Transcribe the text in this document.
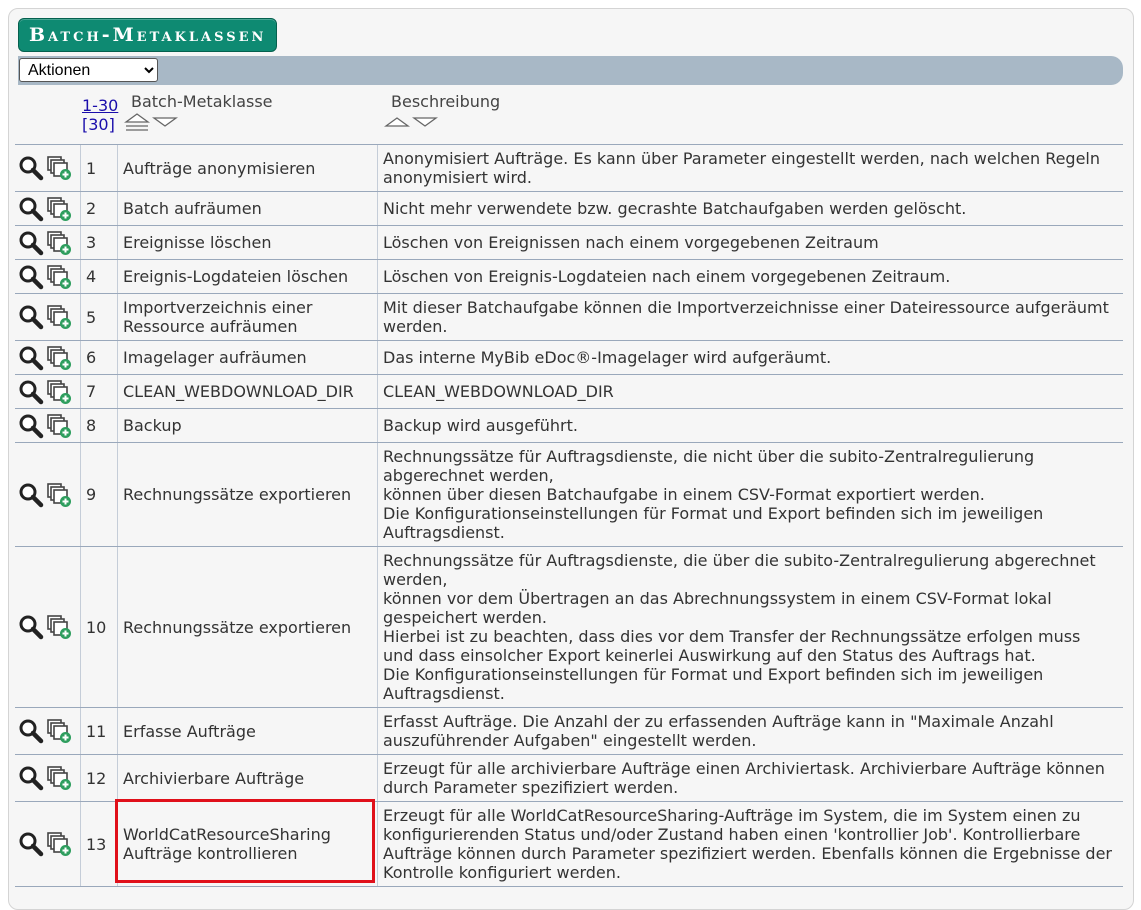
Batch-Metaklassen
Aktionen
1-30
[30]
Batch-Metaklasse	Beschreibung
	1	Aufträge anonymisieren	Anonymisiert Aufträge. Es kann über Parameter eingestellt werden, nach welchen Regeln anonymisiert wird.
	2	Batch aufräumen	Nicht mehr verwendete bzw. gecrashte Batchaufgaben werden gelöscht.
	3	Ereignisse löschen	Löschen von Ereignissen nach einem vorgegebenen Zeitraum
	4	Ereignis-Logdateien löschen	Löschen von Ereignis-Logdateien nach einem vorgegebenen Zeitraum.
	5	Importverzeichnis einer Ressource aufräumen	Mit dieser Batchaufgabe können die Importverzeichnisse einer Dateiressource aufgeräumt werden.
	6	Imagelager aufräumen	Das interne MyBib eDoc®-Imagelager wird aufgeräumt.
	7	CLEAN_WEBDOWNLOAD_DIR	CLEAN_WEBDOWNLOAD_DIR
	8	Backup	Backup wird ausgeführt.
	9	Rechnungssätze exportieren	Rechnungssätze für Auftragsdienste, die nicht über die subito-Zentralregulierung abgerechnet werden,
können über diesen Batchaufgabe in einem CSV-Format exportiert werden.
Die Konfigurationseinstellungen für Format und Export befinden sich im jeweiligen Auftragsdienst.
	10	Rechnungssätze exportieren	Rechnungssätze für Auftragsdienste, die über die subito-Zentralregulierung abgerechnet werden,
können vor dem Übertragen an das Abrechnungssystem in einem CSV-Format lokal gespeichert werden.
Hierbei ist zu beachten, dass dies vor dem Transfer der Rechnungssätze erfolgen muss
und dass einsolcher Export keinerlei Auswirkung auf den Status des Auftrags hat.
Die Konfigurationseinstellungen für Format und Export befinden sich im jeweiligen Auftragsdienst.
	11	Erfasse Aufträge	Erfasst Aufträge. Die Anzahl der zu erfassenden Aufträge kann in "Maximale Anzahl auszuführender Aufgaben" eingestellt werden.
	12	Archivierbare Aufträge	Erzeugt für alle archivierbare Aufträge einen Archiviertask. Archivierbare Aufträge können durch Parameter spezifiziert werden.
	13	WorldCatResourceSharing Aufträge kontrollieren	Erzeugt für alle WorldCatResourceSharing-Aufträge im System, die im System einen zu konfigurierenden Status und/oder Zustand haben einen 'kontrollier Job'. Kontrollierbare Aufträge können durch Parameter spezifiziert werden. Ebenfalls können die Ergebnisse der Kontrolle konfiguriert werden.
